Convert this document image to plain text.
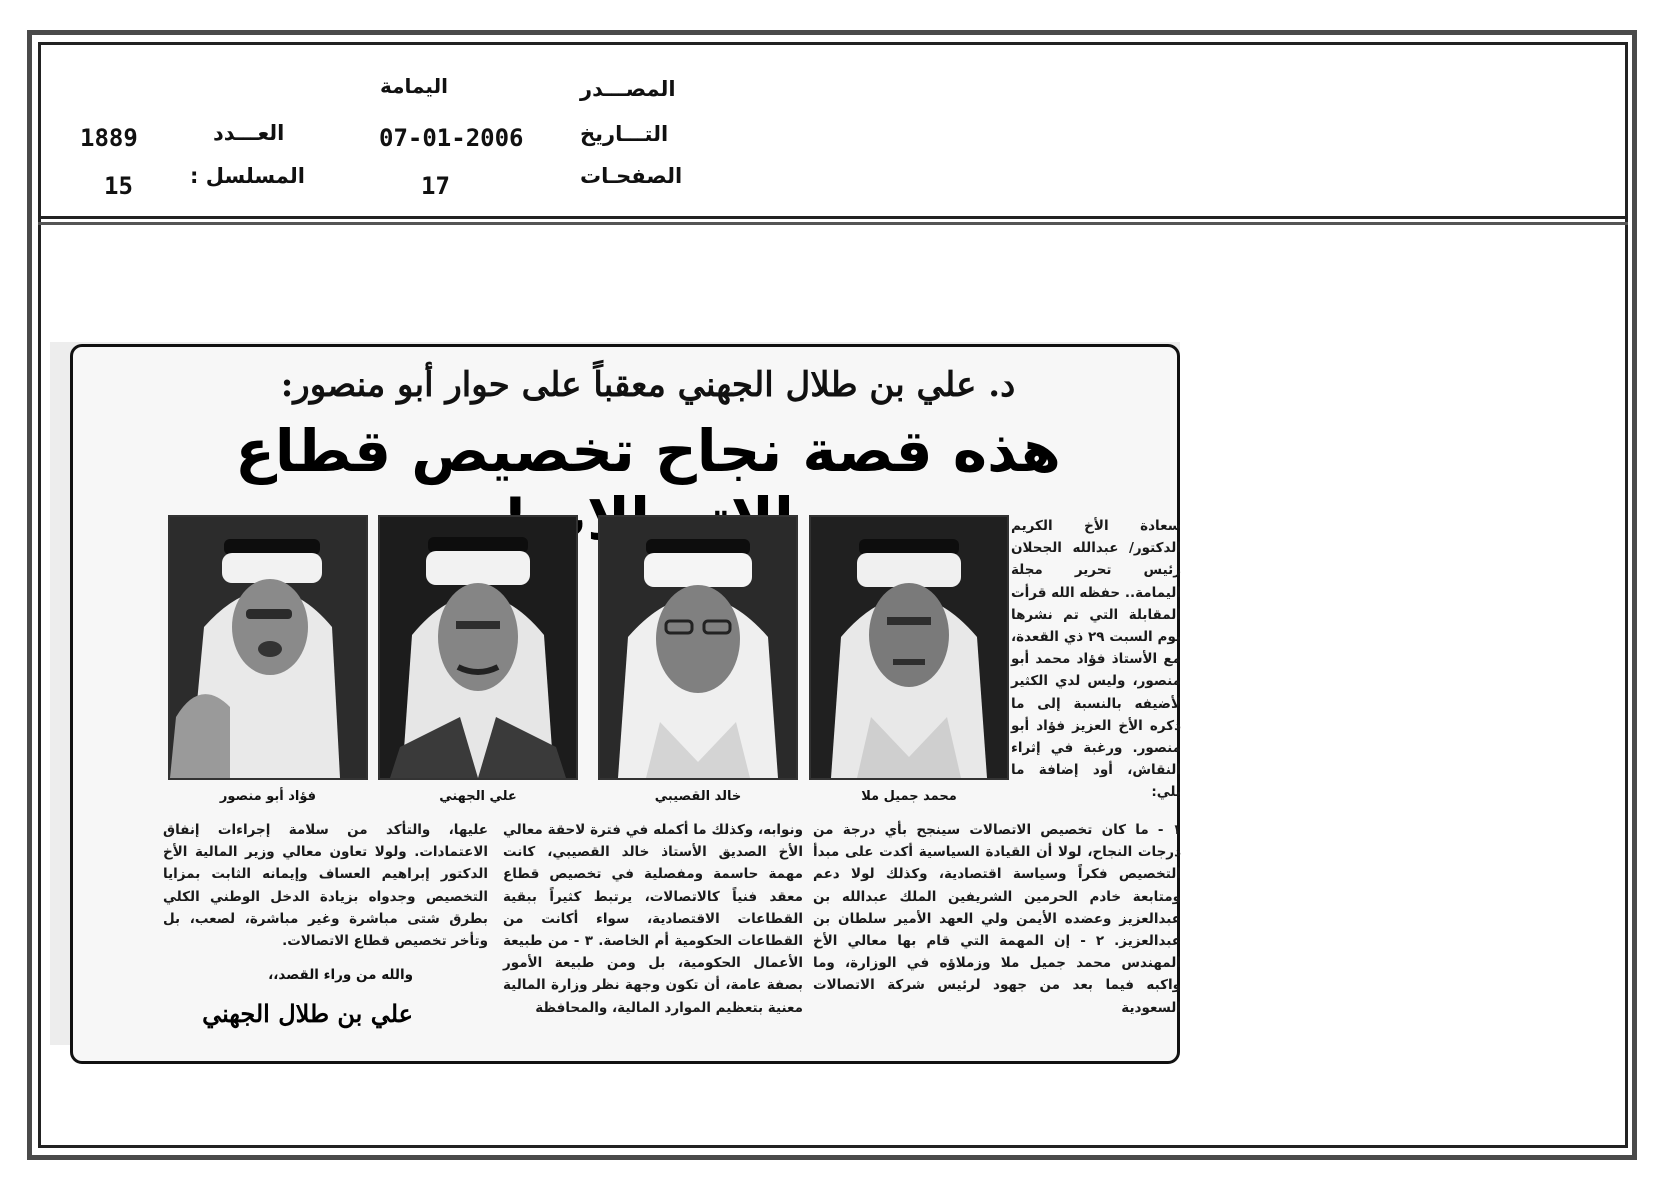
اليمامة	المصـــدر
07-01-2006	التـــاريخ
17	الصفحـات
1889	العـــدد
15	المسلسل :
د. علي بن طلال الجهني معقباً على حوار أبو منصور:
هذه قصة نجاح تخصيص قطاع
محمد جميل ملا
خالد القصيبي
علي الجهني
فؤاد أبو منصور

سعادة الأخ الكريم الدكتور/ عبدالله الجحلان رئيس تحرير مجلة اليمامة.. حفظه الله قرأت المقابلة التي تم نشرها يوم السبت ٢٩ ذي القعدة، مع الأستاذ فؤاد محمد أبو منصور، وليس لدي الكثير لأضيفه بالنسبة إلى ما ذكره الأخ العزيز فؤاد أبو منصور. ورغبة في إثراء النقاش، أود إضافة ما يلي:

١ - ما كان تخصيص الاتصالات سينجح بأي درجة من درجات النجاح، لولا أن القيادة السياسية أكدت على مبدأ التخصيص فكراً وسياسة اقتصادية، وكذلك لولا دعم ومتابعة خادم الحرمين الشريفين الملك عبدالله بن عبدالعزيز وعضده الأيمن ولي العهد الأمير سلطان بن عبدالعزيز. ٢ - إن المهمة التي قام بها معالي الأخ المهندس محمد جميل ملا وزملاؤه في الوزارة، وما واكبه فيما بعد من جهود لرئيس شركة الاتصالات السعودية

ونوابه، وكذلك ما أكمله في فترة لاحقة معالي الأخ الصديق الأستاذ خالد القصيبي، كانت مهمة حاسمة ومفصلية في تخصيص قطاع معقد فنياً كالاتصالات، يرتبط كثيراً ببقية القطاعات الاقتصادية، سواء أكانت من القطاعات الحكومية أم الخاصة. ٣ - من طبيعة الأعمال الحكومية، بل ومن طبيعة الأمور بصفة عامة، أن تكون وجهة نظر وزارة المالية معنية بتعظيم الموارد المالية، والمحافظة

عليها، والتأكد من سلامة إجراءات إنفاق الاعتمادات. ولولا تعاون معالي وزير المالية الأخ الدكتور إبراهيم العساف وإيمانه الثابت بمزايا التخصيص وجدواه بزيادة الدخل الوطني الكلي بطرق شتى مباشرة وغير مباشرة، لصعب، بل وتأخر تخصيص قطاع الاتصالات.

والله من وراء القصد،،
علي بن طلال الجهني
